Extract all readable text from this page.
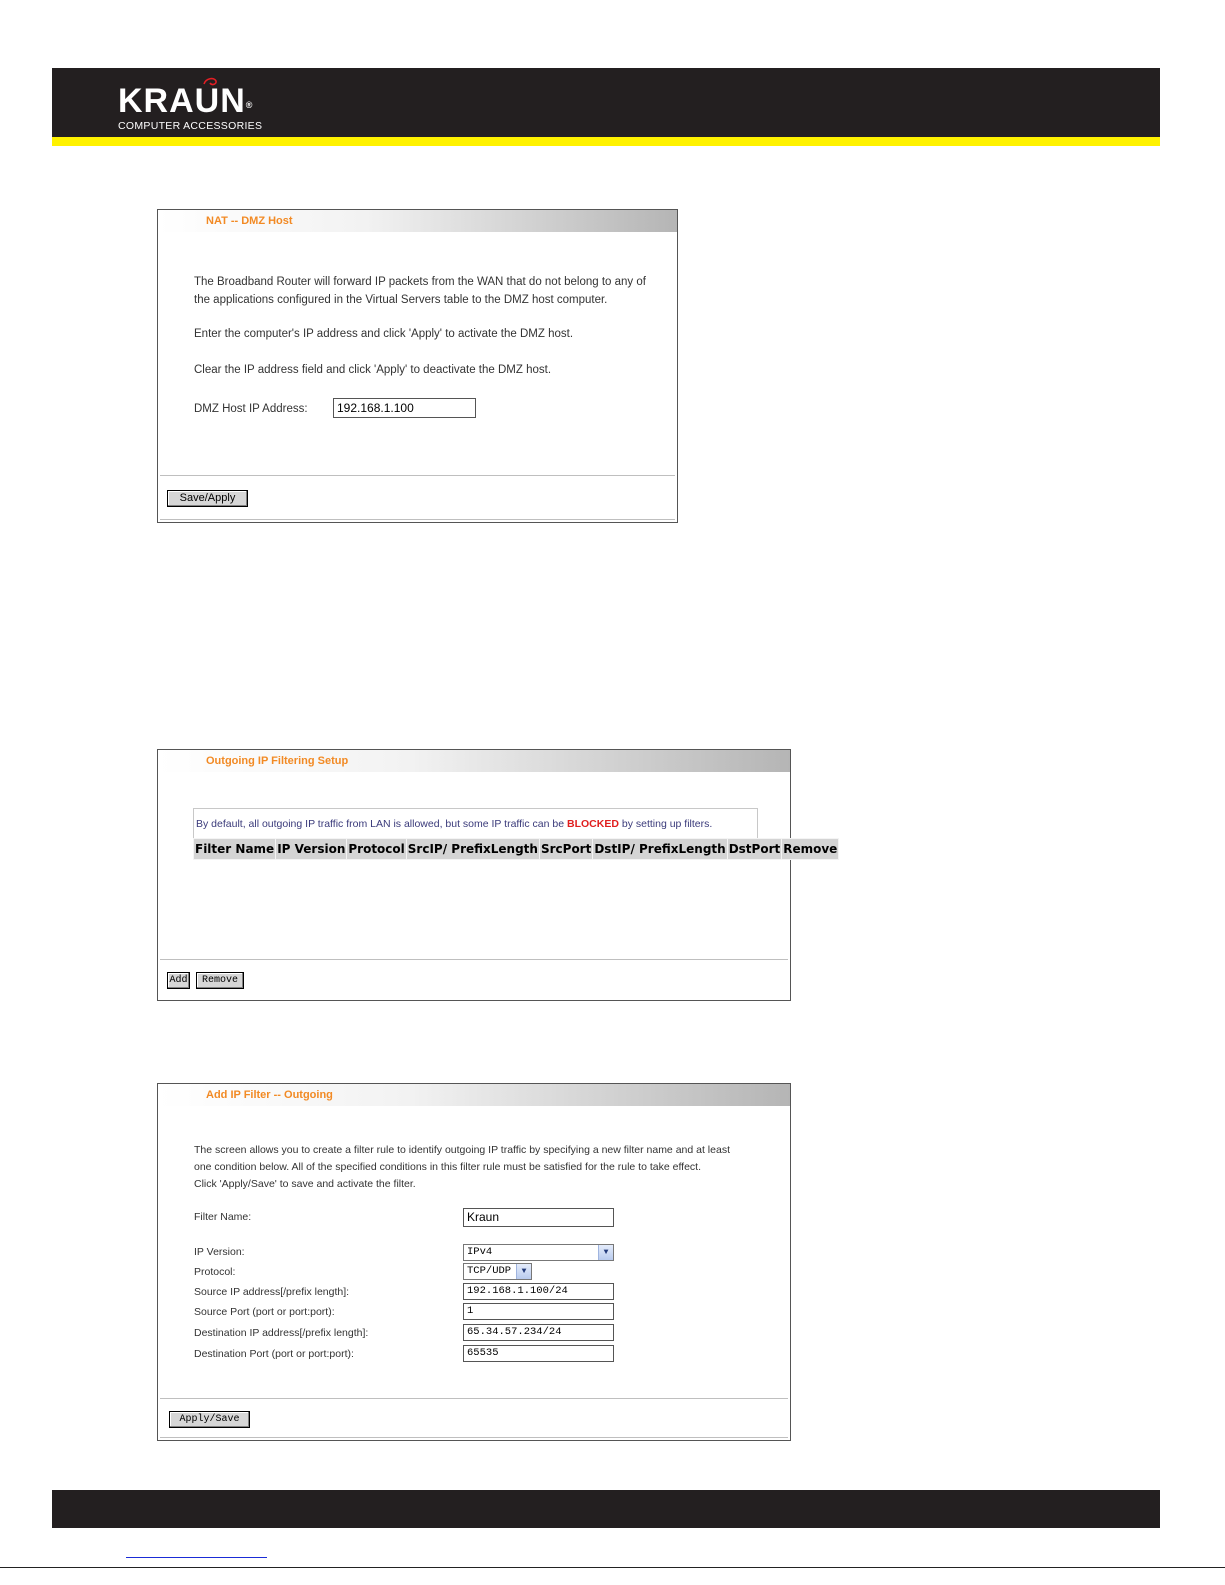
KRAUN®
COMPUTER ACCESSORIES
NAT -- DMZ Host
The Broadband Router will forward IP packets from the WAN that do not belong to any of
the applications configured in the Virtual Servers table to the DMZ host computer.
Enter the computer's IP address and click 'Apply' to activate the DMZ host.
Clear the IP address field and click 'Apply' to deactivate the DMZ host.
DMZ Host IP Address:	192.168.1.100
Save/Apply
Outgoing IP Filtering Setup
Add	Remove
By default, all outgoing IP traffic from LAN is allowed, but some IP traffic can be BLOCKED by setting up filters.
Filter Name	IP Version	Protocol	SrcIP/ PrefixLength	SrcPort	DstIP/ PrefixLength	DstPort	Remove
Add IP Filter -- Outgoing
The screen allows you to create a filter rule to identify outgoing IP traffic by specifying a new filter name and at least
one condition below. All of the specified conditions in this filter rule must be satisfied for the rule to take effect.
Click 'Apply/Save' to save and activate the filter.
Filter Name:	Kraun
IP Version:	IPv4	▼
Protocol:	TCP/UDP	▼
Source IP address[/prefix length]:	192.168.1.100/24
Source Port (port or port:port):	1
Destination IP address[/prefix length]:	65.34.57.234/24
Destination Port (port or port:port):	65535
Apply/Save
